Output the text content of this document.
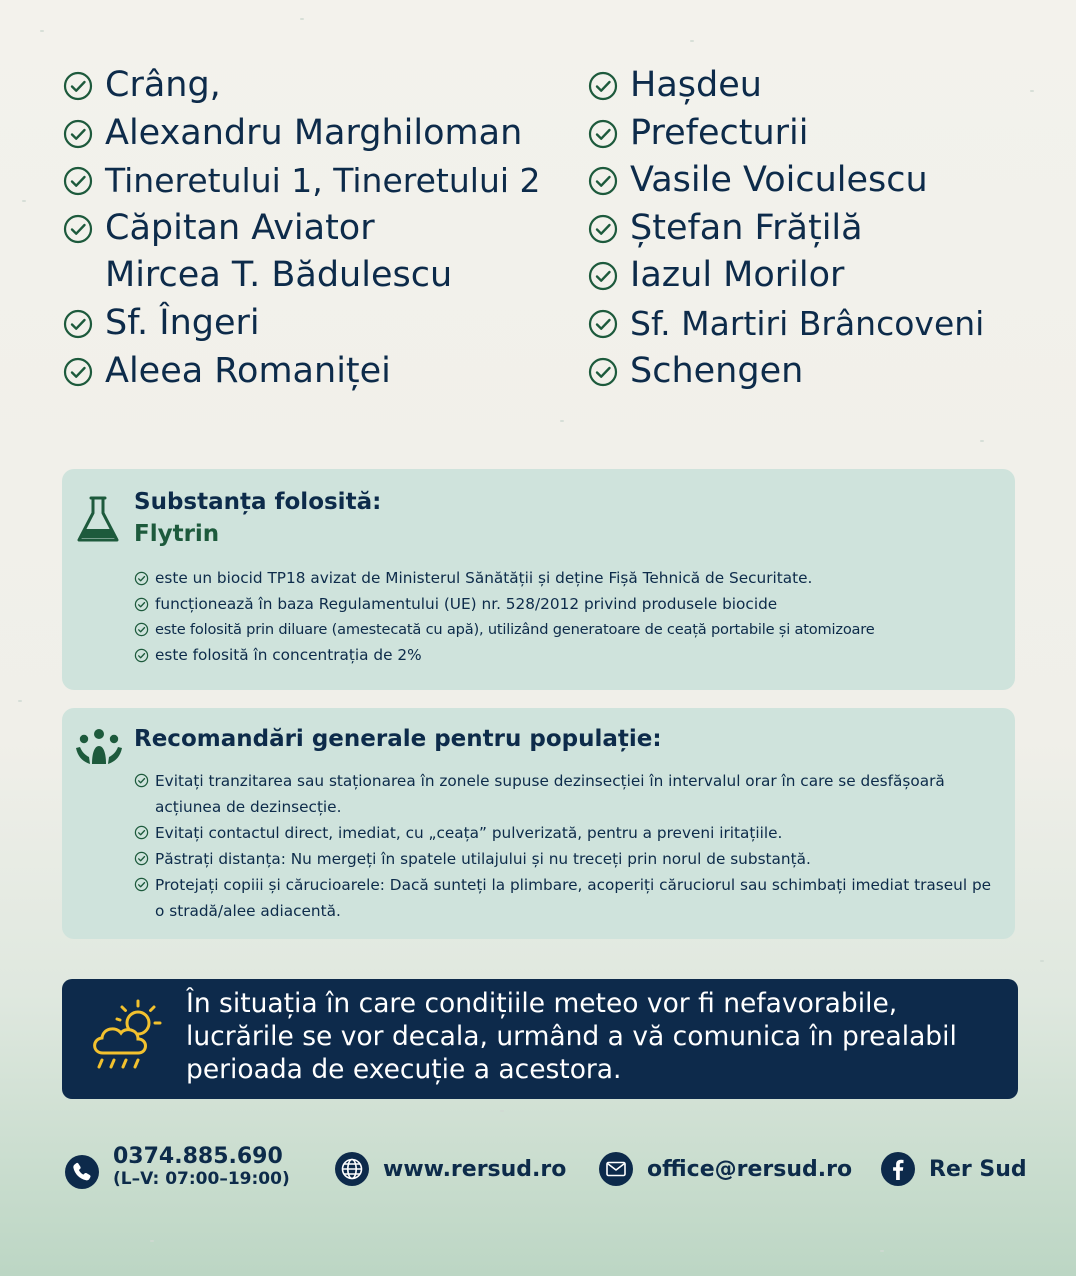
Crâng,
Alexandru Marghiloman
Tineretului 1, Tineretului 2
Căpitan Aviator
Mircea T. Bădulescu
Sf. Îngeri
Aleea Romaniței
Hașdeu
Prefecturii
Vasile Voiculescu
Ștefan Frățilă
Iazul Morilor
Sf. Martiri Brâncoveni
Schengen
Substanța folosită:
Flytrin
este un biocid TP18 avizat de Ministerul Sănătății și deține Fișă Tehnică de Securitate.
funcționează în baza Regulamentului (UE) nr. 528/2012 privind produsele biocide
este folosită prin diluare (amestecată cu apă), utilizând generatoare de ceață portabile și atomizoare
este folosită în concentrația de 2%
Recomandări generale pentru populație:
Evitați tranzitarea sau staționarea în zonele supuse dezinsecției în intervalul orar în care se desfășoară acțiunea de dezinsecție.
Evitați contactul direct, imediat, cu „ceața” pulverizată, pentru a preveni iritațiile.
Păstrați distanța: Nu mergeți în spatele utilajului și nu treceți prin norul de substanță.
Protejați copiii și cărucioarele: Dacă sunteți la plimbare, acoperiți căruciorul sau schimbați imediat traseul pe o stradă/alee adiacentă.

În situația în care condițiile meteo vor fi nefavorabile, lucrările se vor decala, urmând a vă comunica în prealabil perioada de execuție a acestora.

0374.885.690
(L–V: 07:00–19:00)	www.rersud.ro	office@rersud.ro	Rer Sud
